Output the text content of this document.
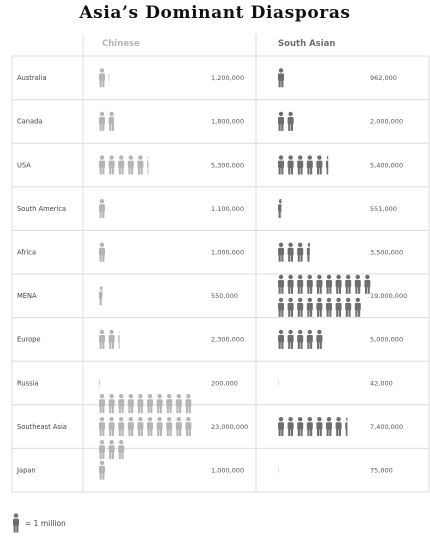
Asia’s Dominant Diasporas
Chinese	South Asian
Australia	1,200,000	962,000
Canada	1,800,000	2,000,000
USA	5,300,000	5,400,000
South America	1,100,000	551,000
Africa	1,000,000	3,500,000
MENA	550,000	19,000,000
Europe	2,300,000	5,000,000
Russia	200,000	42,000
Southeast Asia	23,000,000	7,400,000
Japan	1,000,000	75,000
= 1 million
